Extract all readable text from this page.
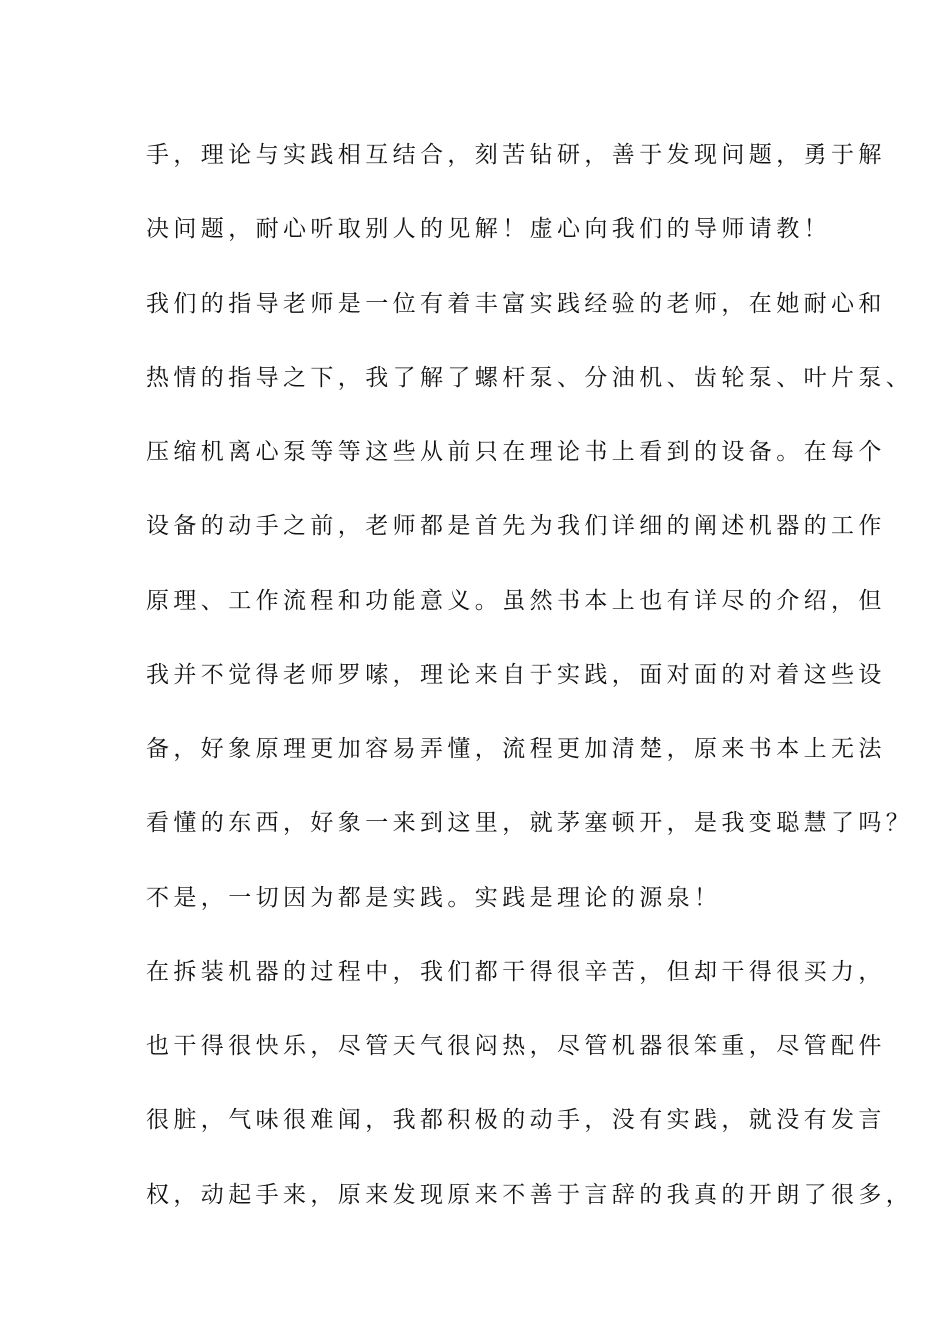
手，理论与实践相互结合，刻苦钻研，善于发现问题，勇于解
决问题，耐心听取别人的见解！虚心向我们的导师请教！
我们的指导老师是一位有着丰富实践经验的老师，在她耐心和
热情的指导之下，我了解了螺杆泵、分油机、齿轮泵、叶片泵、
压缩机离心泵等等这些从前只在理论书上看到的设备。在每个
设备的动手之前，老师都是首先为我们详细的阐述机器的工作
原理、工作流程和功能意义。虽然书本上也有详尽的介绍，但
我并不觉得老师罗嗦，理论来自于实践，面对面的对着这些设
备，好象原理更加容易弄懂，流程更加清楚，原来书本上无法
看懂的东西，好象一来到这里，就茅塞顿开，是我变聪慧了吗？
不是，一切因为都是实践。实践是理论的源泉！
在拆装机器的过程中，我们都干得很辛苦，但却干得很买力，
也干得很快乐，尽管天气很闷热，尽管机器很笨重，尽管配件
很脏，气味很难闻，我都积极的动手，没有实践，就没有发言
权，动起手来，原来发现原来不善于言辞的我真的开朗了很多，
